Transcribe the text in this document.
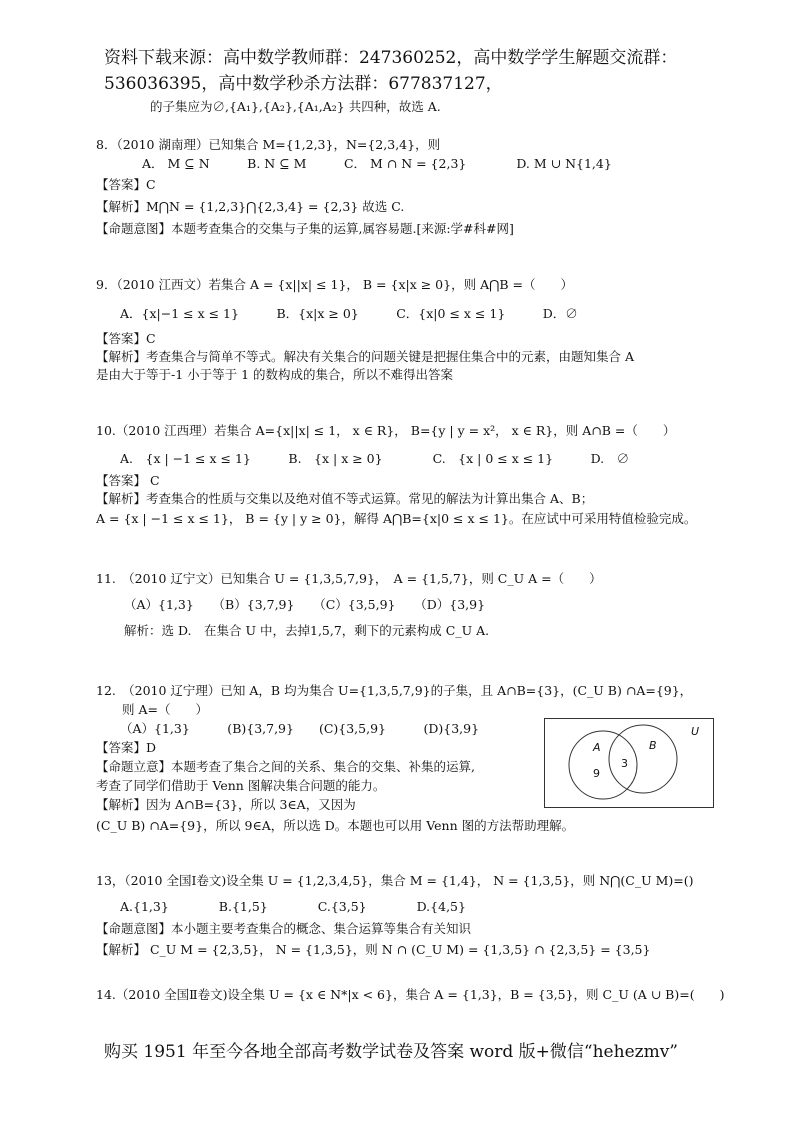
资料下载来源：高中数学教师群：247360252，高中数学学生解题交流群：
536036395，高中数学秒杀方法群：677837127，
的子集应为∅,{A₁},{A₂},{A₁,A₂} 共四种，故选 A.
8．（2010 湖南理）已知集合 M={1,2,3}，N={2,3,4}，则
A． M ⊆ N　　　B. N ⊆ M　　　C． M ∩ N = {2,3}　　　　D. M ∪ N{1,4}
【答案】C
【解析】M⋂N = {1,2,3}⋂{2,3,4} = {2,3} 故选 C.
【命题意图】本题考查集合的交集与子集的运算,属容易题.[来源:学#科#网]
9．（2010 江西文）若集合 A = {x||x| ≤ 1}， B = {x|x ≥ 0}，则 A⋂B =（　　）
A．{x|−1 ≤ x ≤ 1}　　　B．{x|x ≥ 0}　　　C．{x|0 ≤ x ≤ 1}　　　D．∅
【答案】C
【解析】考查集合与简单不等式。解决有关集合的问题关键是把握住集合中的元素，由题知集合 A
是由大于等于-1 小于等于 1 的数构成的集合，所以不难得出答案
10.（2010 江西理）若集合 A={x||x| ≤ 1， x ∈ R}， B={y | y = x²， x ∈ R}，则 A∩B =（　　）
A.　{x | −1 ≤ x ≤ 1}　　　B.　{x | x ≥ 0}　　　　C.　{x | 0 ≤ x ≤ 1}　　　D.　∅
【答案】 C
【解析】考查集合的性质与交集以及绝对值不等式运算。常见的解法为计算出集合 A、B；
A = {x | −1 ≤ x ≤ 1}， B = {y | y ≥ 0}，解得 A⋂B={x|0 ≤ x ≤ 1}。在应试中可采用特值检验完成。
11.　（2010 辽宁文）已知集合 U = {1,3,5,7,9}，　A = {1,5,7}，则 C_U A =（　　）
（A）{1,3}　　（B）{3,7,9}　　（C）{3,5,9}　　（D）{3,9}
解析：选 D.　在集合 U 中，去掉1,5,7，剩下的元素构成 C_U A.
12.　（2010 辽宁理）已知 A，B 均为集合 U={1,3,5,7,9}的子集，且 A∩B={3}，(C_U B) ∩A={9}，
则 A=（　　）
（A）{1,3}　　　(B){3,7,9}　　(C){3,5,9}　　　(D){3,9}
【答案】D
【命题立意】本题考查了集合之间的关系、集合的交集、补集的运算,
考查了同学们借助于 Venn 图解决集合问题的能力。
【解析】因为 A∩B={3}，所以 3∈A，又因为
(C_U B) ∩A={9}，所以 9∈A，所以选 D。本题也可以用 Venn 图的方法帮助理解。
U
A	B
9
3
13，（2010 全国Ⅰ卷文)设全集 U = {1,2,3,4,5}，集合 M = {1,4}， N = {1,3,5}，则 N⋂(C_U M)=()
A.{1,3}　　　　B.{1,5}　　　　C.{3,5}　　　　D.{4,5}
【命题意图】本小题主要考查集合的概念、集合运算等集合有关知识
【解析】 C_U M = {2,3,5}， N = {1,3,5}，则 N ∩ (C_U M) = {1,3,5} ∩ {2,3,5} = {3,5}
14.（2010 全国Ⅱ卷文)设全集 U = {x ∈ N*|x < 6}，集合 A = {1,3}，B = {3,5}，则 C_U (A ∪ B)=(　　)
购买 1951 年至今各地全部高考数学试卷及答案 word 版+微信“hehezmv”
